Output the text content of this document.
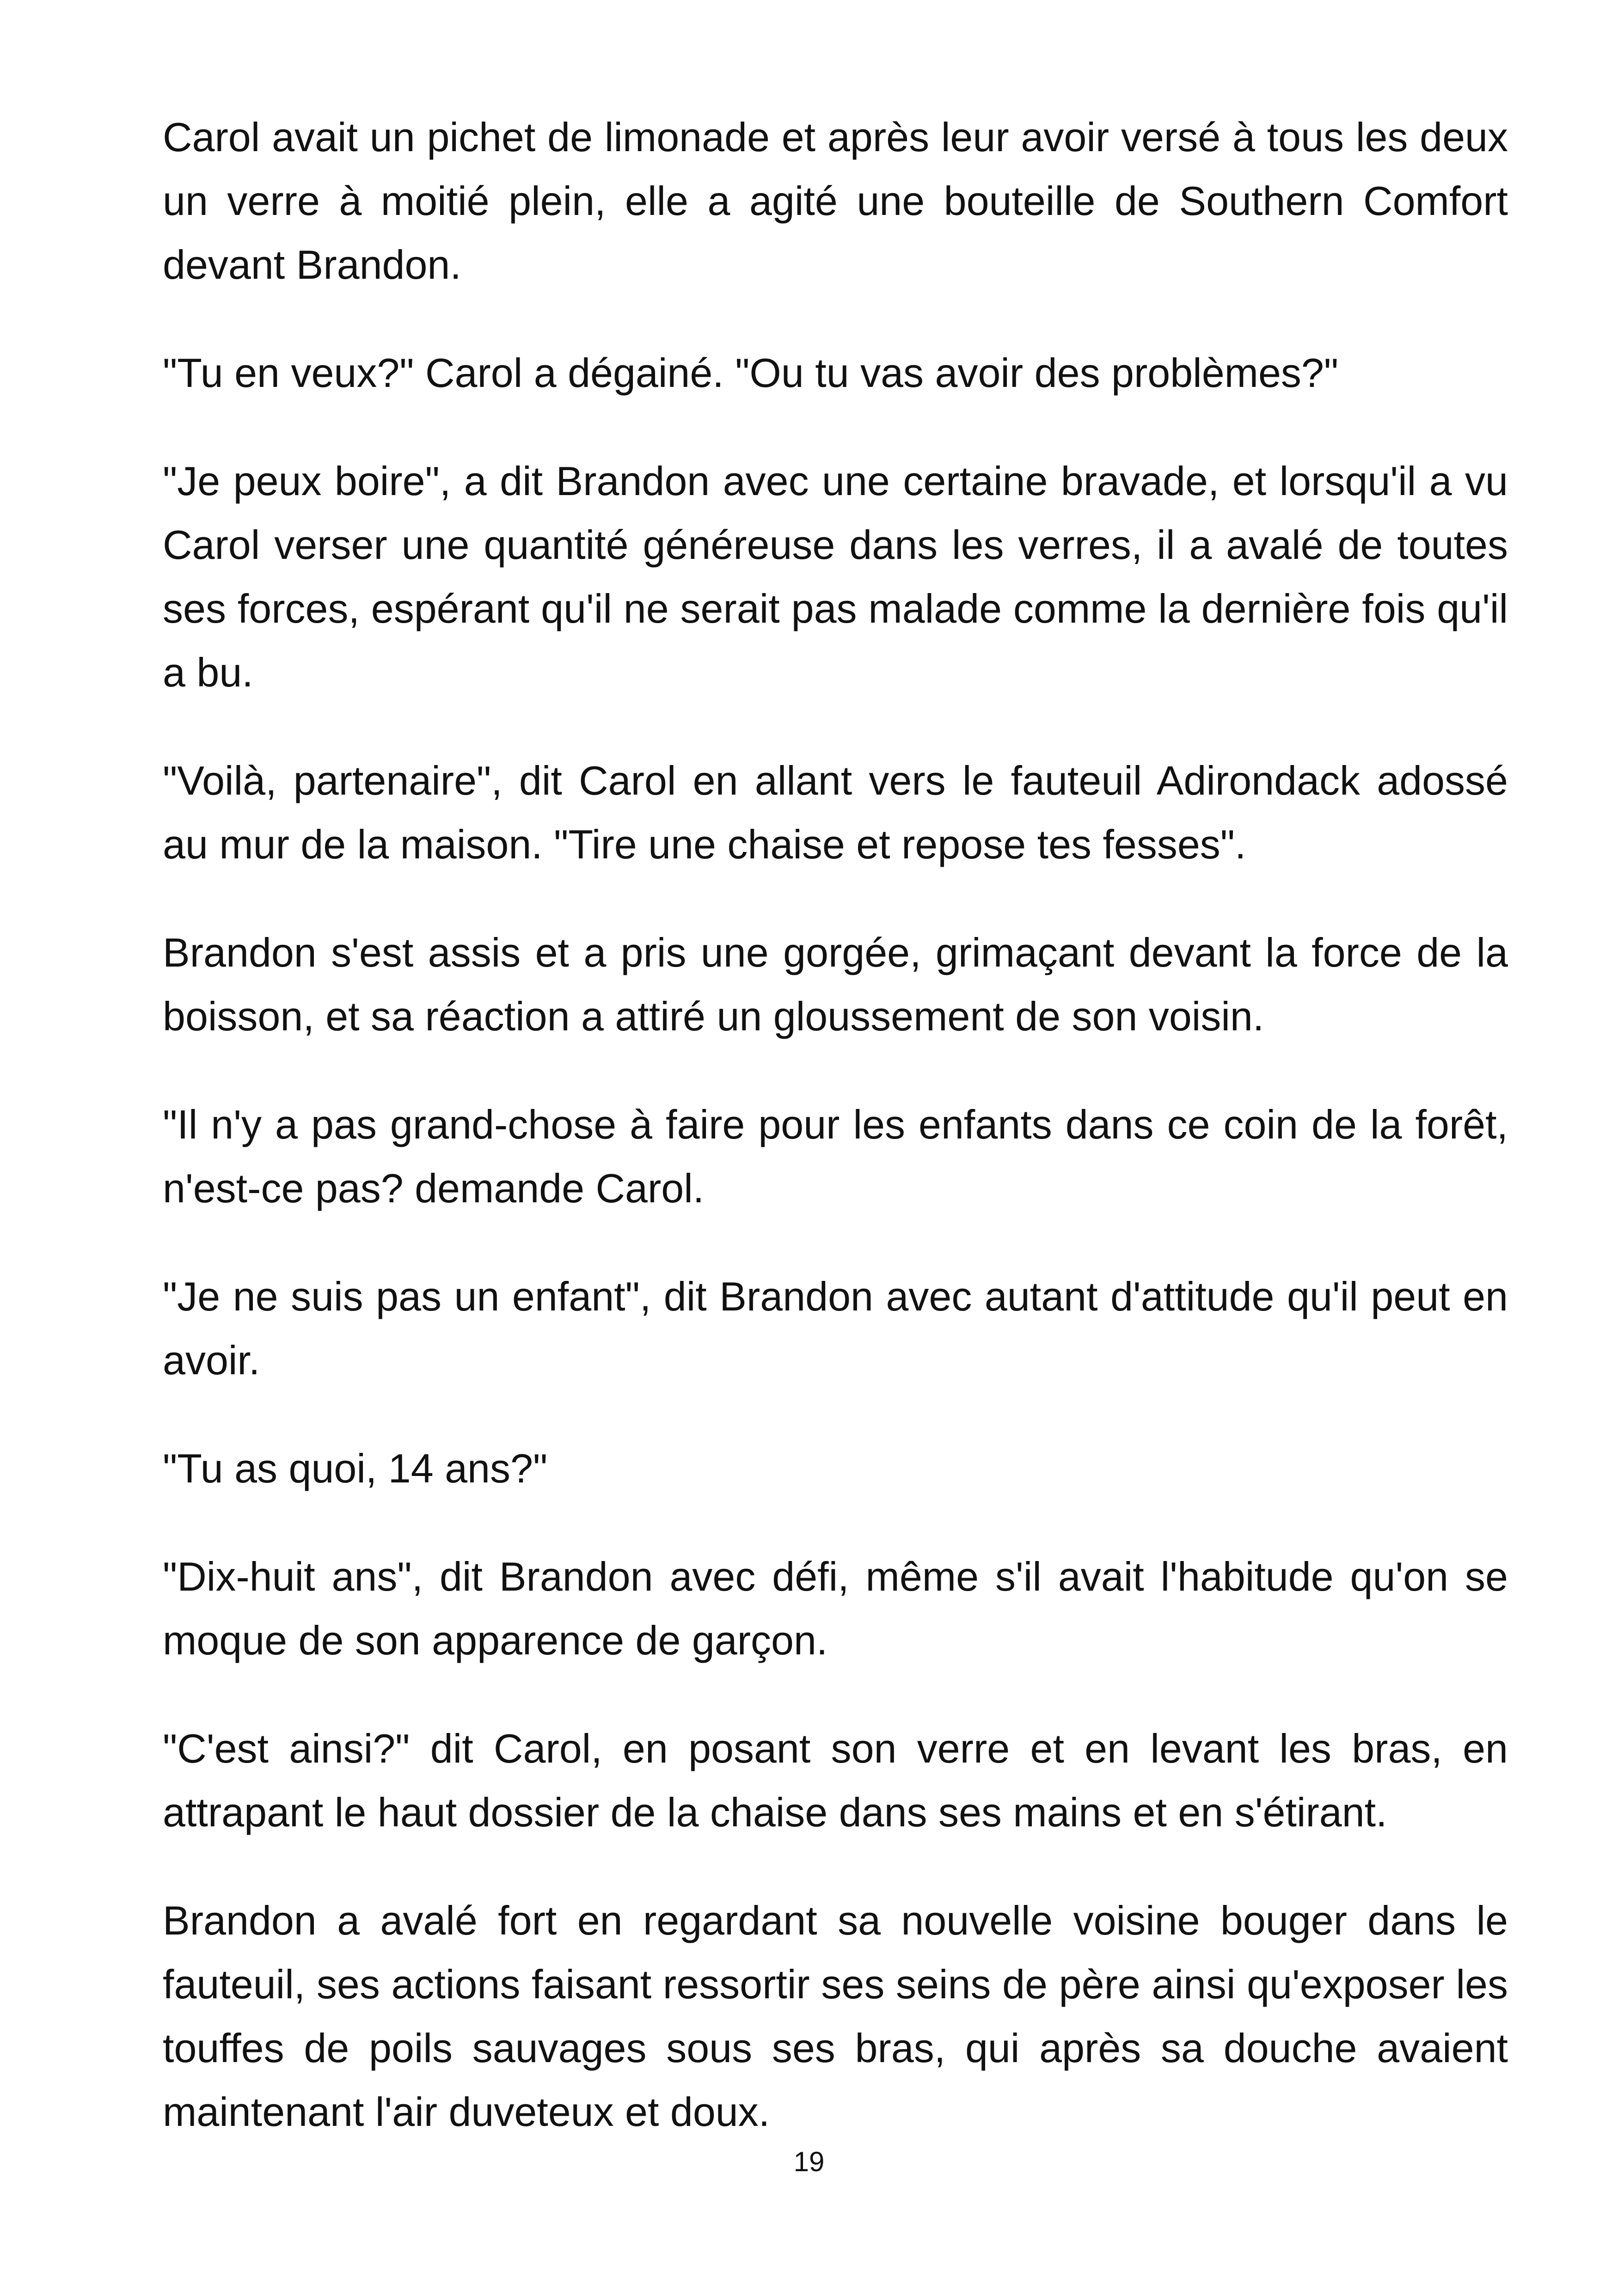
Carol avait un pichet de limonade et après leur avoir versé à tous les deux un verre à moitié plein, elle a agité une bouteille de Southern Comfort devant Brandon.

"Tu en veux?" Carol a dégainé. "Ou tu vas avoir des problèmes?"

"Je peux boire", a dit Brandon avec une certaine bravade, et lorsqu'il a vu Carol verser une quantité généreuse dans les verres, il a avalé de toutes ses forces, espérant qu'il ne serait pas malade comme la dernière fois qu'il a bu.

"Voilà, partenaire", dit Carol en allant vers le fauteuil Adirondack adossé au mur de la maison. "Tire une chaise et repose tes fesses".

Brandon s'est assis et a pris une gorgée, grimaçant devant la force de la boisson, et sa réaction a attiré un gloussement de son voisin.

"Il n'y a pas grand-chose à faire pour les enfants dans ce coin de la forêt, n'est-ce pas? demande Carol.

"Je ne suis pas un enfant", dit Brandon avec autant d'attitude qu'il peut en avoir.

"Tu as quoi, 14 ans?"

"Dix-huit ans", dit Brandon avec défi, même s'il avait l'habitude qu'on se moque de son apparence de garçon.

"C'est ainsi?" dit Carol, en posant son verre et en levant les bras, en attrapant le haut dossier de la chaise dans ses mains et en s'étirant.

Brandon a avalé fort en regardant sa nouvelle voisine bouger dans le fauteuil, ses actions faisant ressortir ses seins de père ainsi qu'exposer les touffes de poils sauvages sous ses bras, qui après sa douche avaient maintenant l'air duveteux et doux.

19
